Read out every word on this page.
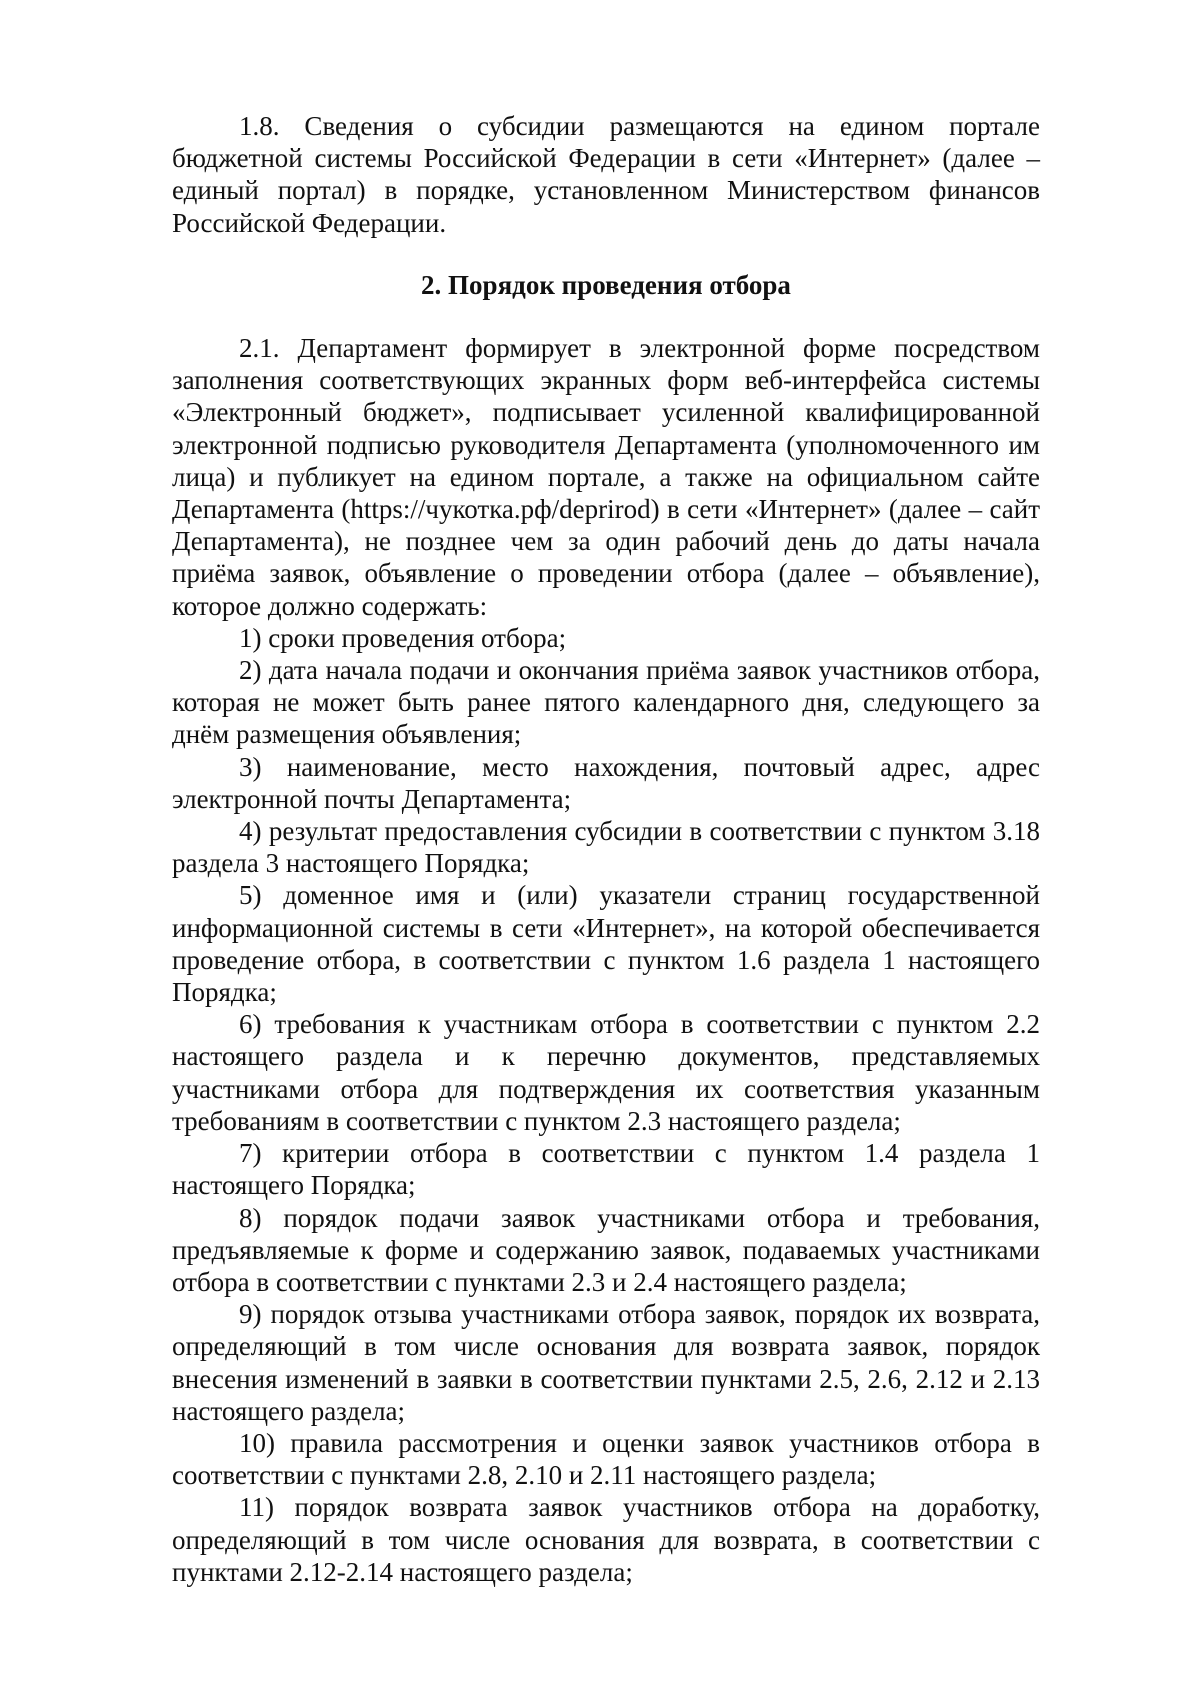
1.8. Сведения о субсидии размещаются на едином портале бюджетной системы Российской Федерации в сети «Интернет» (далее – единый портал) в порядке, установленном Министерством финансов Российской Федерации.

2. Порядок проведения отбора

2.1. Департамент формирует в электронной форме посредством заполнения соответствующих экранных форм веб-интерфейса системы «Электронный бюджет», подписывает усиленной квалифицированной электронной подписью руководителя Департамента (уполномоченного им лица) и публикует на едином портале, а также на официальном сайте Департамента (https://чукотка.рф/deprirod) в сети «Интернет» (далее – сайт Департамента), не позднее чем за один рабочий день до даты начала приёма заявок, объявление о проведении отбора (далее – объявление), которое должно содержать:

1) сроки проведения отбора;

2) дата начала подачи и окончания приёма заявок участников отбора, которая не может быть ранее пятого календарного дня, следующего за днём размещения объявления;

3) наименование, место нахождения, почтовый адрес, адрес электронной почты Департамента;

4) результат предоставления субсидии в соответствии с пунктом 3.18 раздела 3 настоящего Порядка;

5) доменное имя и (или) указатели страниц государственной информационной системы в сети «Интернет», на которой обеспечивается проведение отбора, в соответствии с пунктом 1.6 раздела 1 настоящего Порядка;

6) требования к участникам отбора в соответствии с пунктом 2.2 настоящего раздела и к перечню документов, представляемых участниками отбора для подтверждения их соответствия указанным требованиям в соответствии с пунктом 2.3 настоящего раздела;

7) критерии отбора в соответствии с пунктом 1.4 раздела 1 настоящего Порядка;

8) порядок подачи заявок участниками отбора и требования, предъявляемые к форме и содержанию заявок, подаваемых участниками отбора в соответствии с пунктами 2.3 и 2.4 настоящего раздела;

9) порядок отзыва участниками отбора заявок, порядок их возврата, определяющий в том числе основания для возврата заявок, порядок внесения изменений в заявки в соответствии пунктами 2.5, 2.6, 2.12 и 2.13 настоящего раздела;

10) правила рассмотрения и оценки заявок участников отбора в соответствии с пунктами 2.8, 2.10 и 2.11 настоящего раздела;

11) порядок возврата заявок участников отбора на доработку, определяющий в том числе основания для возврата, в соответствии с пунктами 2.12-2.14 настоящего раздела;
